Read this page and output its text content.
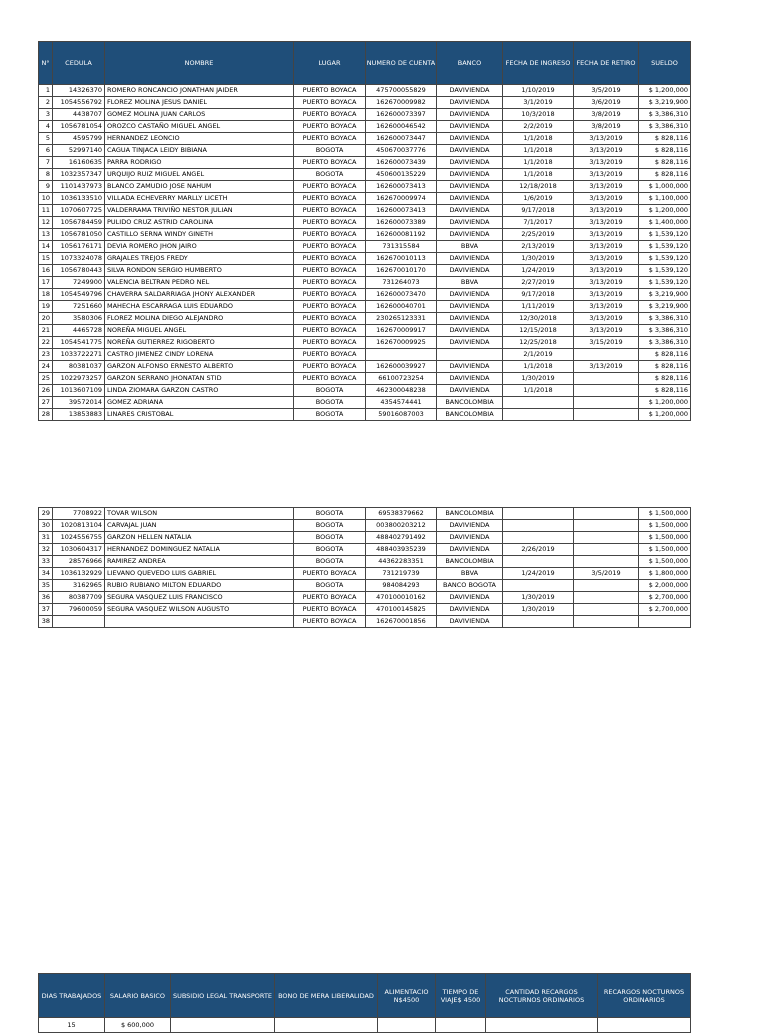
N°	CEDULA	NOMBRE	LUGAR	NUMERO DE CUENTA	BANCO	FECHA DE INGRESO	FECHA DE RETIRO	SUELDO
1	14326370	ROMERO RONCANCIO JONATHAN JAIDER	PUERTO BOYACA	475700055829	DAVIVIENDA	1/10/2019	3/5/2019	$ 1,200,000
2	1054556792	FLOREZ MOLINA JESUS DANIEL	PUERTO BOYACA	162670009982	DAVIVIENDA	3/1/2019	3/6/2019	$ 3,219,900
3	4438707	GOMEZ MOLINA JUAN CARLOS	PUERTO BOYACA	162600073397	DAVIVIENDA	10/3/2018	3/8/2019	$ 3,386,310
4	1056781054	OROZCO CASTAÑO MIGUEL ANGEL	PUERTO BOYACA	162600046542	DAVIVIENDA	2/2/2019	3/8/2019	$ 3,386,310
5	4595799	HERNANDEZ LEONCIO	PUERTO BOYACA	162600073447	DAVIVIENDA	1/1/2018	3/13/2019	$ 828,116
6	52997140	CAGUA TINJACA LEIDY BIBIANA	BOGOTA	450670037776	DAVIVIENDA	1/1/2018	3/13/2019	$ 828,116
7	16160635	PARRA RODRIGO	PUERTO BOYACA	162600073439	DAVIVIENDA	1/1/2018	3/13/2019	$ 828,116
8	1032357347	URQUIJO RUIZ MIGUEL ANGEL	BOGOTA	450600135229	DAVIVIENDA	1/1/2018	3/13/2019	$ 828,116
9	1101437973	BLANCO ZAMUDIO JOSE NAHUM	PUERTO BOYACA	162600073413	DAVIVIENDA	12/18/2018	3/13/2019	$ 1,000,000
10	1036133510	VILLADA ECHEVERRY MARLLY LICETH	PUERTO BOYACA	162670009974	DAVIVIENDA	1/6/2019	3/13/2019	$ 1,100,000
11	1070607725	VALDERRAMA TRIVIÑO NESTOR JULIAN	PUERTO BOYACA	162600073413	DAVIVIENDA	9/17/2018	3/13/2019	$ 1,200,000
12	1056784459	PULIDO CRUZ ASTRID CAROLINA	PUERTO BOYACA	162600073389	DAVIVIENDA	7/1/2017	3/13/2019	$ 1,400,000
13	1056781050	CASTILLO SERNA WINDY GINETH	PUERTO BOYACA	162600081192	DAVIVIENDA	2/25/2019	3/13/2019	$ 1,539,120
14	1056176171	DEVIA ROMERO JHON JAIRO	PUERTO BOYACA	731315584	BBVA	2/13/2019	3/13/2019	$ 1,539,120
15	1073324078	GRAJALES TREJOS FREDY	PUERTO BOYACA	162670010113	DAVIVIENDA	1/30/2019	3/13/2019	$ 1,539,120
16	1056780443	SILVA RONDON SERGIO HUMBERTO	PUERTO BOYACA	162670010170	DAVIVIENDA	1/24/2019	3/13/2019	$ 1,539,120
17	7249900	VALENCIA BELTRAN PEDRO NEL	PUERTO BOYACA	731264073	BBVA	2/27/2019	3/13/2019	$ 1,539,120
18	1054549796	CHAVERRA SALDARRIAGA JHONY ALEXANDER	PUERTO BOYACA	162600073470	DAVIVIENDA	9/17/2018	3/13/2019	$ 3,219,900
19	7251660	MAHECHA ESCARRAGA LUIS EDUARDO	PUERTO BOYACA	162600040701	DAVIVIENDA	1/11/2019	3/13/2019	$ 3,219,900
20	3580306	FLOREZ MOLINA DIEGO ALEJANDRO	PUERTO BOYACA	230265123331	DAVIVIENDA	12/30/2018	3/13/2019	$ 3,386,310
21	4465728	NOREÑA MIGUEL ANGEL	PUERTO BOYACA	162670009917	DAVIVIENDA	12/15/2018	3/13/2019	$ 3,386,310
22	1054541775	NOREÑA GUTIERREZ RIGOBERTO	PUERTO BOYACA	162670009925	DAVIVIENDA	12/25/2018	3/15/2019	$ 3,386,310
23	1033722271	CASTRO JIMENEZ CINDY LORENA	PUERTO BOYACA			2/1/2019		$ 828,116
24	80381037	GARZON ALFONSO ERNESTO ALBERTO	PUERTO BOYACA	162600039927	DAVIVIENDA	1/1/2018	3/13/2019	$ 828,116
25	1022973257	GARZON SERRANO JHONATAN STID	PUERTO BOYACA	66100723254	DAVIVIENDA	1/30/2019		$ 828,116
26	1013607109	LINDA ZIOMARA GARZON CASTRO	BOGOTA	462300048238	DAVIVIENDA	1/1/2018		$ 828,116
27	39572014	GOMEZ ADRIANA	BOGOTA	4354574441	BANCOLOMBIA			$ 1,200,000
28	13853883	LINARES CRISTOBAL	BOGOTA	59016087003	BANCOLOMBIA			$ 1,200,000
29	7708922	TOVAR WILSON	BOGOTA	69538379662	BANCOLOMBIA			$ 1,500,000
30	1020813104	CARVAJAL JUAN	BOGOTA	003800203212	DAVIVIENDA			$ 1,500,000
31	1024556755	GARZON HELLEN NATALIA	BOGOTA	488402791492	DAVIVIENDA			$ 1,500,000
32	1030604317	HERNANDEZ DOMINGUEZ NATALIA	BOGOTA	488403935239	DAVIVIENDA	2/26/2019		$ 1,500,000
33	28576966	RAMIREZ ANDREA	BOGOTA	44362283351	BANCOLOMBIA			$ 1,500,000
34	1036132929	LIEVANO QUEVEDO LUIS GABRIEL	PUERTO BOYACA	731219739	BBVA	1/24/2019	3/5/2019	$ 1,800,000
35	3162965	RUBIO RUBIANO MILTON EDUARDO	BOGOTA	984084293	BANCO BOGOTA			$ 2,000,000
36	80387709	SEGURA VASQUEZ LUIS FRANCISCO	PUERTO BOYACA	470100010162	DAVIVIENDA	1/30/2019		$ 2,700,000
37	79600059	SEGURA VASQUEZ WILSON AUGUSTO	PUERTO BOYACA	470100145825	DAVIVIENDA	1/30/2019		$ 2,700,000
38			PUERTO BOYACA	162670001856	DAVIVIENDA			
DIAS TRABAJADOS	SALARIO BASICO	SUBSIDIO LEGAL TRANSPORTE	BONO DE MERA LIBERALIDAD	ALIMENTACIO N$4500	TIEMPO DE VIAJE$ 4500	CANTIDAD RECARGOS NOCTURNOS ORDINARIOS	RECARGOS NOCTURNOS ORDINARIOS
15	$ 600,000						
